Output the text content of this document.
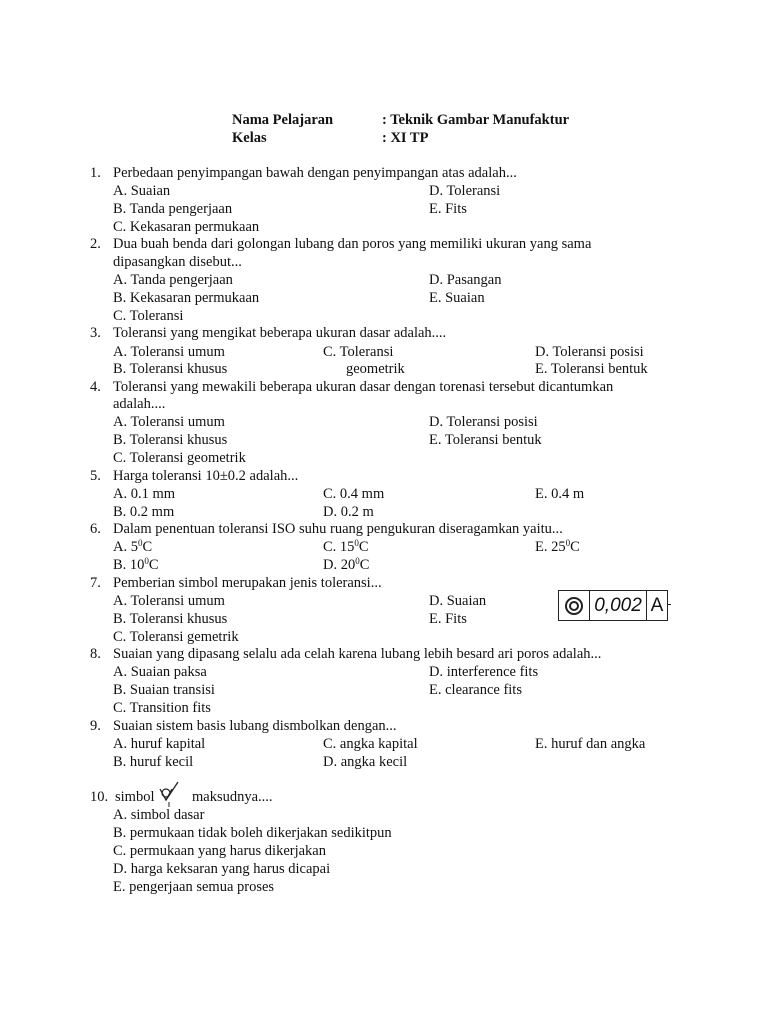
Nama Pelajaran	: Teknik Gambar Manufaktur
Kelas	: XI TP
1. Perbedaan penyimpangan bawah dengan penyimpangan atas adalah...
A. Suaian	D. Toleransi
B. Tanda pengerjaan	E. Fits
C. Kekasaran permukaan
2. Dua buah benda dari golongan lubang dan poros yang memiliki ukuran yang sama
dipasangkan disebut...
A. Tanda pengerjaan	D. Pasangan
B. Kekasaran permukaan	E. Suaian
C. Toleransi
3. Toleransi yang mengikat beberapa ukuran dasar adalah....
A. Toleransi umum	C. Toleransi	D. Toleransi posisi
B. Toleransi khusus	geometrik	E. Toleransi bentuk
4. Toleransi yang mewakili beberapa ukuran dasar dengan torenasi tersebut dicantumkan
adalah....
A. Toleransi umum	D. Toleransi posisi
B. Toleransi khusus	E. Toleransi bentuk
C. Toleransi geometrik
5. Harga toleransi 10±0.2 adalah...
A. 0.1 mm	C. 0.4 mm	E. 0.4 m
B. 0.2 mm	D. 0.2 m
6. Dalam penentuan toleransi ISO suhu ruang pengukuran diseragamkan yaitu...
A. $5^0C$	C. $15^0C$	E. $25^0C$
B. $10^0C$	D. $20^0C$
7. Pemberian simbol merupakan jenis toleransi...
A. Toleransi umum	D. Suaian
B. Toleransi khusus	E. Fits
C. Toleransi gemetrik
0,002 A
8. Suaian yang dipasang selalu ada celah karena lubang lebih besard ari poros adalah...
A. Suaian paksa	D. interference fits
B. Suaian transisi	E. clearance fits
C. Transition fits
9. Suaian sistem basis lubang dismbolkan dengan...
A. huruf kapital	C. angka kapital	E. huruf dan angka
B. huruf kecil	D. angka kecil
10. simbol	maksudnya....
A. simbol dasar
B. permukaan tidak boleh dikerjakan sedikitpun
C. permukaan yang harus dikerjakan
D. harga keksaran yang harus dicapai
E. pengerjaan semua proses
